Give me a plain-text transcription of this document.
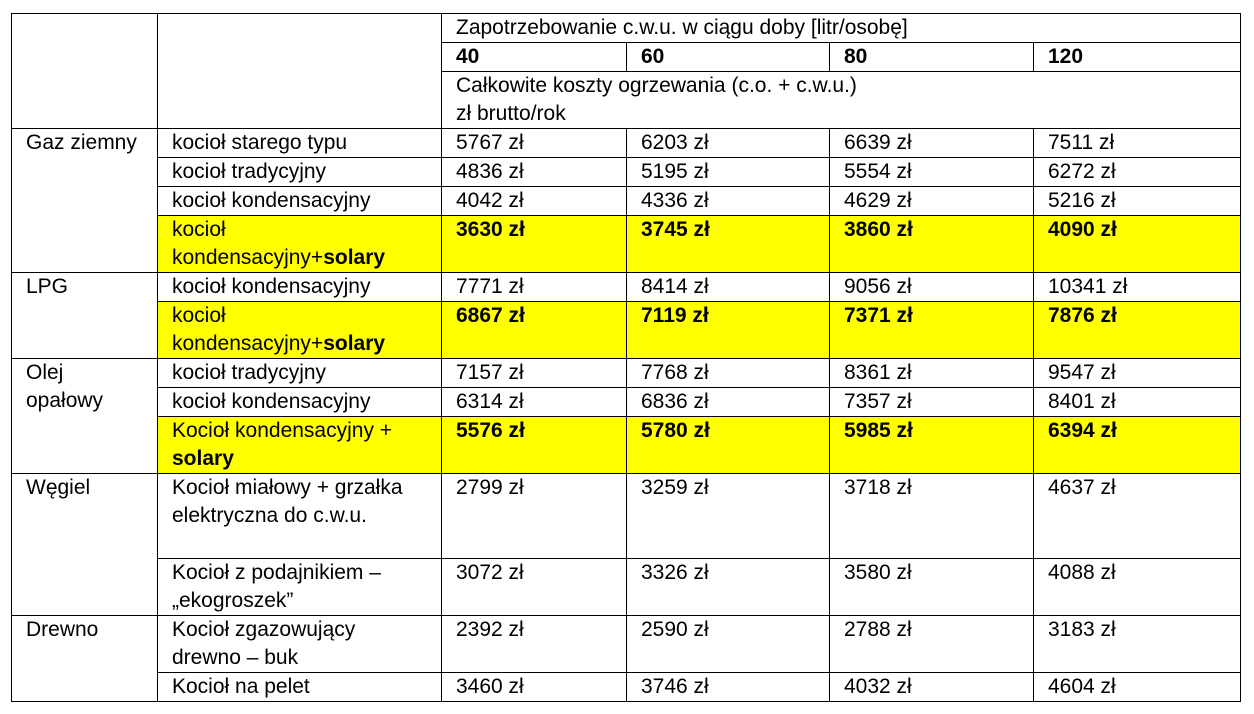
		Zapotrzebowanie c.w.u. w ciągu doby [litr/osobę]			
		40	60	80	120

		Całkowite koszty ogrzewania (c.o. + c.w.u.)
zł brutto/rok			

Gaz ziemny	kocioł starego typu	5767 zł	6203 zł	6639 zł	7511 zł
	kocioł tradycyjny	4836 zł	5195 zł	5554 zł	6272 zł
	kocioł kondensacyjny	4042 zł	4336 zł	4629 zł	5216 zł
	kocioł kondensacyjny+solary	3630 zł	3745 zł	3860 zł	4090 zł
LPG	kocioł kondensacyjny	7771 zł	8414 zł	9056 zł	10341 zł
	kocioł kondensacyjny+solary	6867 zł	7119 zł	7371 zł	7876 zł
Olej opałowy	kocioł tradycyjny	7157 zł	7768 zł	8361 zł	9547 zł
	kocioł kondensacyjny	6314 zł	6836 zł	7357 zł	8401 zł
	Kocioł kondensacyjny + solary	5576 zł	5780 zł	5985 zł	6394 zł
Węgiel	Kocioł miałowy + grzałka elektryczna do c.w.u.	2799 zł	3259 zł	3718 zł	4637 zł
	Kocioł z podajnikiem – „ekogroszek”	3072 zł	3326 zł	3580 zł	4088 zł
Drewno	Kocioł zgazowujący drewno – buk	2392 zł	2590 zł	2788 zł	3183 zł
	Kocioł na pelet	3460 zł	3746 zł	4032 zł	4604 zł
